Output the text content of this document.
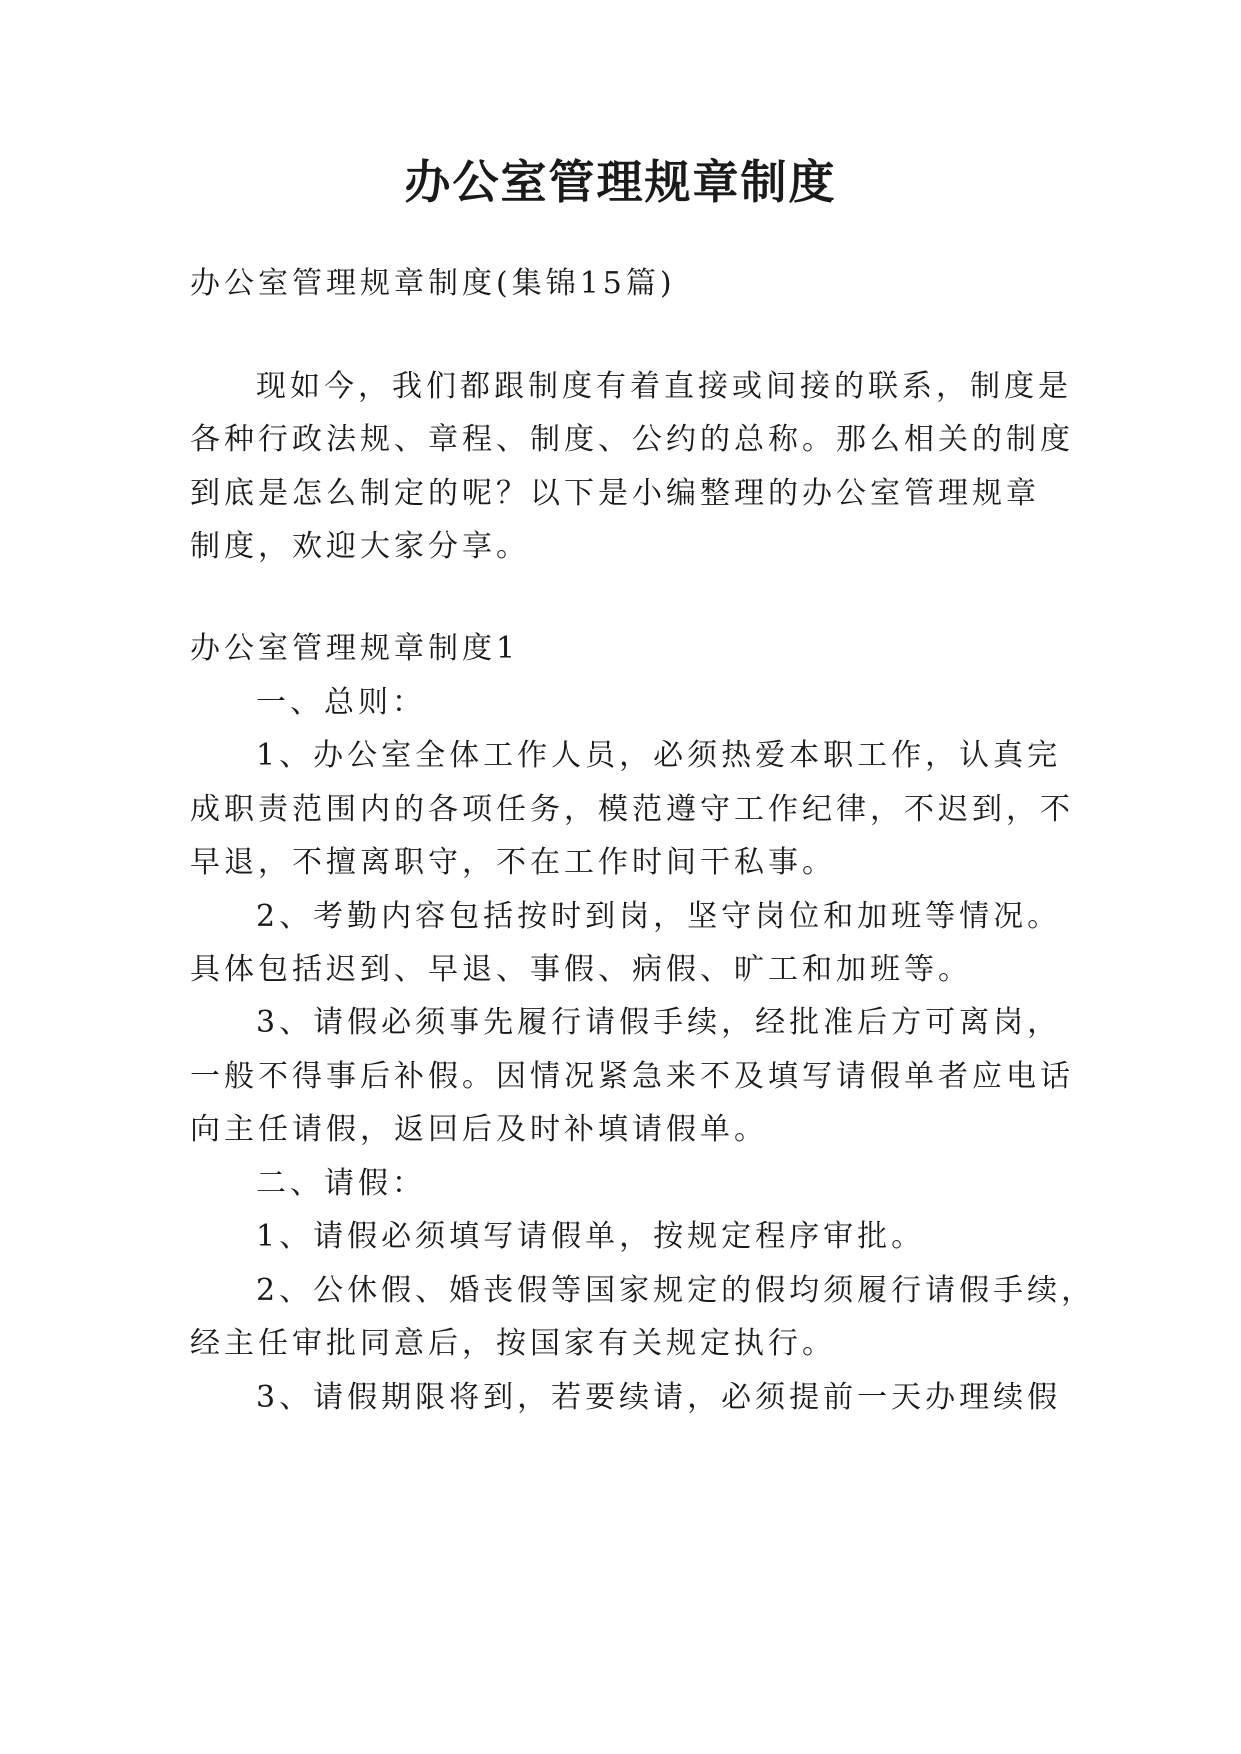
办公室管理规章制度
办公室管理规章制度(集锦15篇)
现如今，我们都跟制度有着直接或间接的联系，制度是
各种行政法规、章程、制度、公约的总称。那么相关的制度
到底是怎么制定的呢？以下是小编整理的办公室管理规章
制度，欢迎大家分享。
办公室管理规章制度1
一、总则：
1、办公室全体工作人员，必须热爱本职工作，认真完
成职责范围内的各项任务，模范遵守工作纪律，不迟到，不
早退，不擅离职守，不在工作时间干私事。
2、考勤内容包括按时到岗，坚守岗位和加班等情况。
具体包括迟到、早退、事假、病假、旷工和加班等。
3、请假必须事先履行请假手续，经批准后方可离岗，
一般不得事后补假。因情况紧急来不及填写请假单者应电话
向主任请假，返回后及时补填请假单。
二、请假：
1、请假必须填写请假单，按规定程序审批。
2、公休假、婚丧假等国家规定的假均须履行请假手续，
经主任审批同意后，按国家有关规定执行。
3、请假期限将到，若要续请，必须提前一天办理续假
